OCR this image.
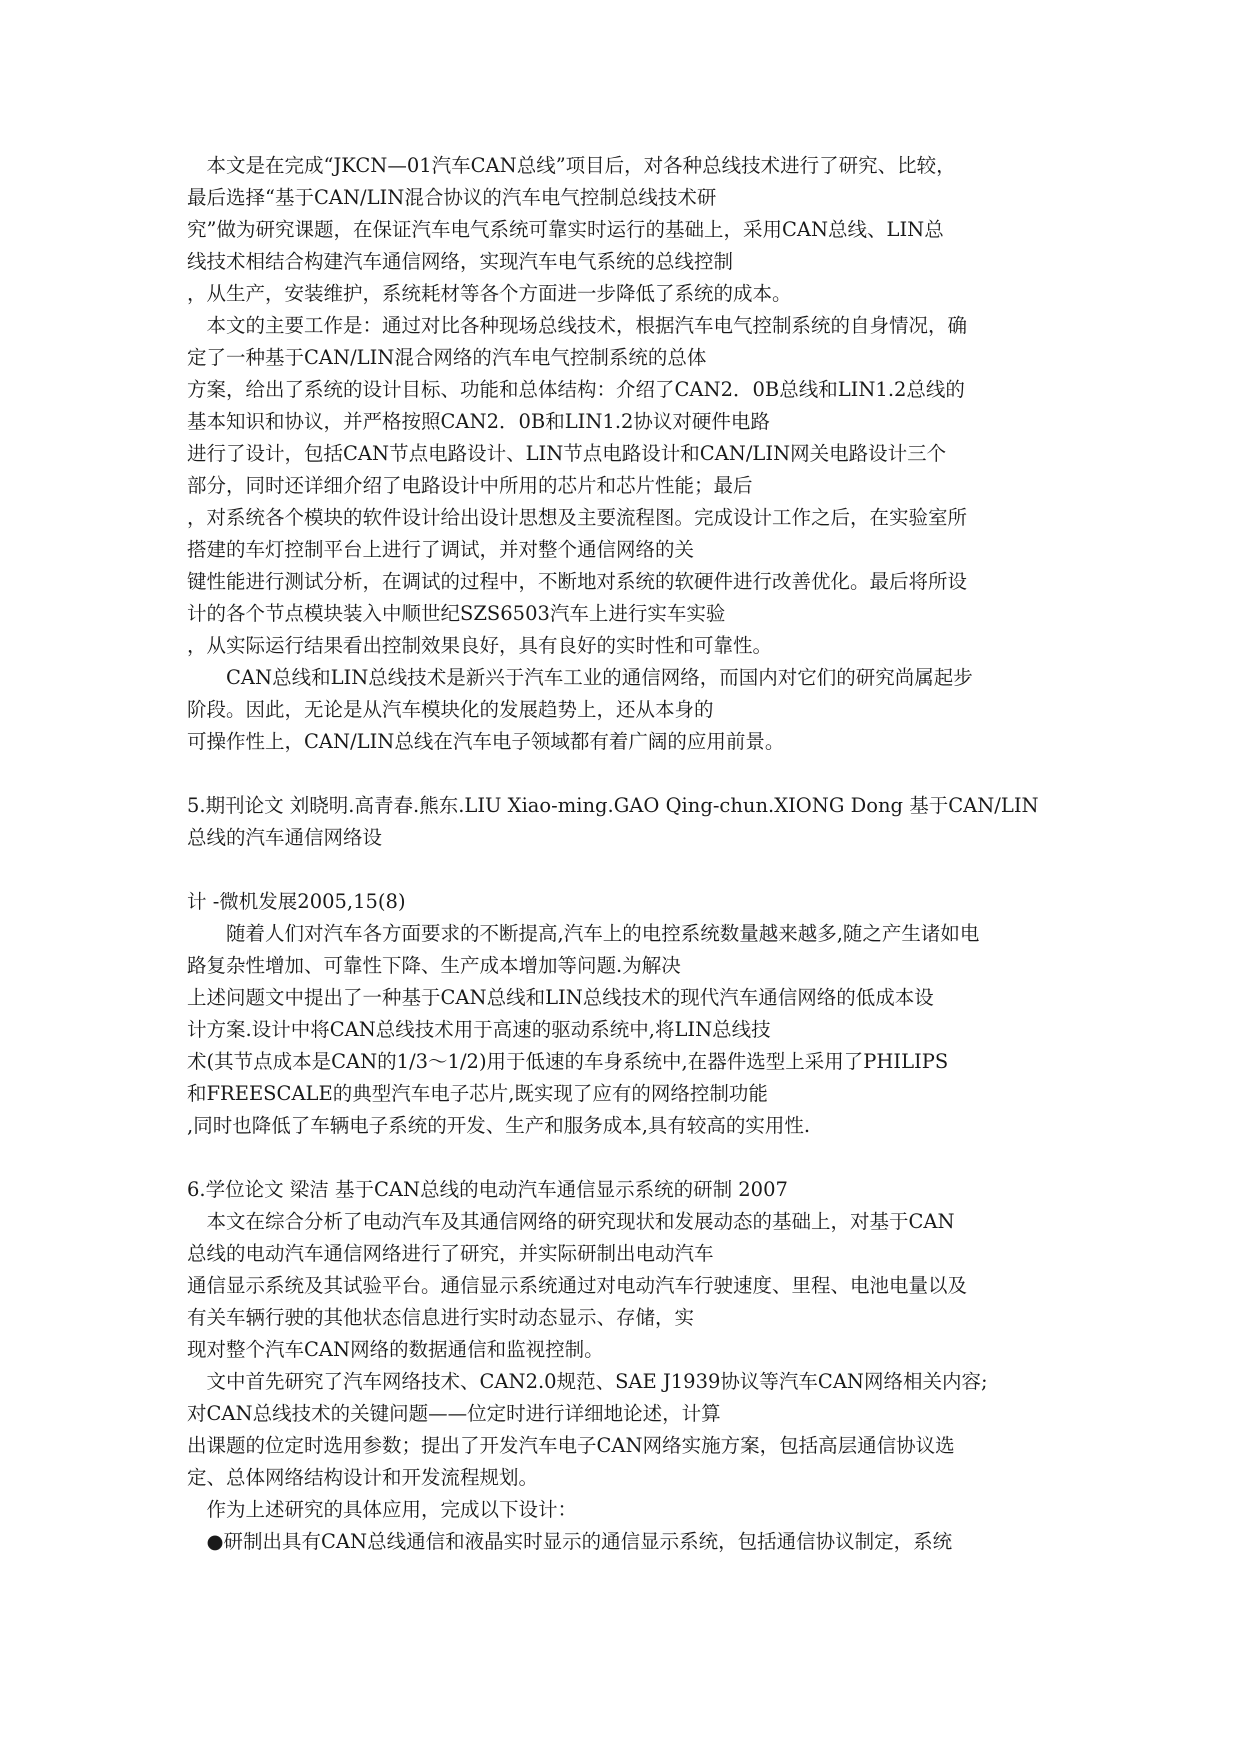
　本文是在完成“JKCN—01汽车CAN总线”项目后，对各种总线技术进行了研究、比较，
最后选择“基于CAN/LIN混合协议的汽车电气控制总线技术研
究”做为研究课题，在保证汽车电气系统可靠实时运行的基础上，采用CAN总线、LIN总
线技术相结合构建汽车通信网络，实现汽车电气系统的总线控制
，从生产，安装维护，系统耗材等各个方面进一步降低了系统的成本。
　本文的主要工作是：通过对比各种现场总线技术，根据汽车电气控制系统的自身情况，确
定了一种基于CAN/LIN混合网络的汽车电气控制系统的总体
方案，给出了系统的设计目标、功能和总体结构：介绍了CAN2．0B总线和LIN1.2总线的
基本知识和协议，并严格按照CAN2．0B和LIN1.2协议对硬件电路
进行了设计，包括CAN节点电路设计、LIN节点电路设计和CAN/LIN网关电路设计三个
部分，同时还详细介绍了电路设计中所用的芯片和芯片性能；最后
，对系统各个模块的软件设计给出设计思想及主要流程图。完成设计工作之后，在实验室所
搭建的车灯控制平台上进行了调试，并对整个通信网络的关
键性能进行测试分析，在调试的过程中，不断地对系统的软硬件进行改善优化。最后将所设
计的各个节点模块装入中顺世纪SZS6503汽车上进行实车实验
，从实际运行结果看出控制效果良好，具有良好的实时性和可靠性。
　　CAN总线和LIN总线技术是新兴于汽车工业的通信网络，而国内对它们的研究尚属起步
阶段。因此，无论是从汽车模块化的发展趋势上，还从本身的
可操作性上，CAN/LIN总线在汽车电子领域都有着广阔的应用前景。
5.期刊论文 刘晓明.高青春.熊东.LIU Xiao-ming.GAO Qing-chun.XIONG Dong 基于CAN/LIN
总线的汽车通信网络设
计 -微机发展2005,15(8)
　　随着人们对汽车各方面要求的不断提高,汽车上的电控系统数量越来越多,随之产生诸如电
路复杂性增加、可靠性下降、生产成本增加等问题.为解决
上述问题文中提出了一种基于CAN总线和LIN总线技术的现代汽车通信网络的低成本设
计方案.设计中将CAN总线技术用于高速的驱动系统中,将LIN总线技
术(其节点成本是CAN的1/3～1/2)用于低速的车身系统中,在器件选型上采用了PHILIPS
和FREESCALE的典型汽车电子芯片,既实现了应有的网络控制功能
,同时也降低了车辆电子系统的开发、生产和服务成本,具有较高的实用性.
6.学位论文 梁洁 基于CAN总线的电动汽车通信显示系统的研制 2007
　本文在综合分析了电动汽车及其通信网络的研究现状和发展动态的基础上，对基于CAN
总线的电动汽车通信网络进行了研究，并实际研制出电动汽车
通信显示系统及其试验平台。通信显示系统通过对电动汽车行驶速度、里程、电池电量以及
有关车辆行驶的其他状态信息进行实时动态显示、存储，实
现对整个汽车CAN网络的数据通信和监视控制。
　文中首先研究了汽车网络技术、CAN2.0规范、SAE J1939协议等汽车CAN网络相关内容;
对CAN总线技术的关键问题——位定时进行详细地论述，计算
出课题的位定时选用参数；提出了开发汽车电子CAN网络实施方案，包括高层通信协议选
定、总体网络结构设计和开发流程规划。
　作为上述研究的具体应用，完成以下设计：
　●研制出具有CAN总线通信和液晶实时显示的通信显示系统，包括通信协议制定，系统
